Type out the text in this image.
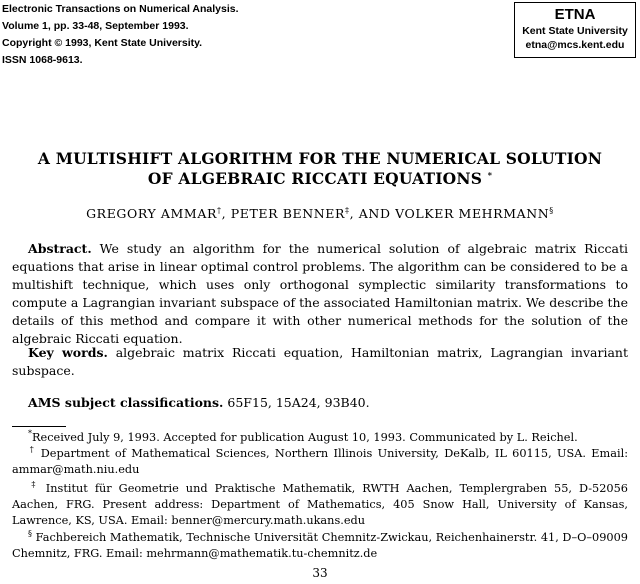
Electronic Transactions on Numerical Analysis.
Volume 1, pp. 33-48, September 1993.
Copyright © 1993, Kent State University.
ISSN 1068-9613.
ETNA
Kent State University
etna@mcs.kent.edu
A MULTISHIFT ALGORITHM FOR THE NUMERICAL SOLUTION
OF ALGEBRAIC RICCATI EQUATIONS *
GREGORY AMMAR†, PETER BENNER‡, AND VOLKER MEHRMANN§
Abstract. We study an algorithm for the numerical solution of algebraic matrix Riccati equations that arise in linear optimal control problems. The algorithm can be considered to be a multishift technique, which uses only orthogonal symplectic similarity transformations to compute a Lagrangian invariant subspace of the associated Hamiltonian matrix. We describe the details of this method and compare it with other numerical methods for the solution of the algebraic Riccati equation.
Key words. algebraic matrix Riccati equation, Hamiltonian matrix, Lagrangian invariant subspace.
AMS subject classifications. 65F15, 15A24, 93B40.
*Received July 9, 1993. Accepted for publication August 10, 1993. Communicated by L. Reichel.
† Department of Mathematical Sciences, Northern Illinois University, DeKalb, IL 60115, USA. Email: ammar@math.niu.edu
‡ Institut für Geometrie und Praktische Mathematik, RWTH Aachen, Templergraben 55, D-52056 Aachen, FRG. Present address: Department of Mathematics, 405 Snow Hall, University of Kansas, Lawrence, KS, USA. Email: benner@mercury.math.ukans.edu
§ Fachbereich Mathematik, Technische Universität Chemnitz-Zwickau, Reichenhainerstr. 41, D–O–09009 Chemnitz, FRG. Email: mehrmann@mathematik.tu-chemnitz.de
33
